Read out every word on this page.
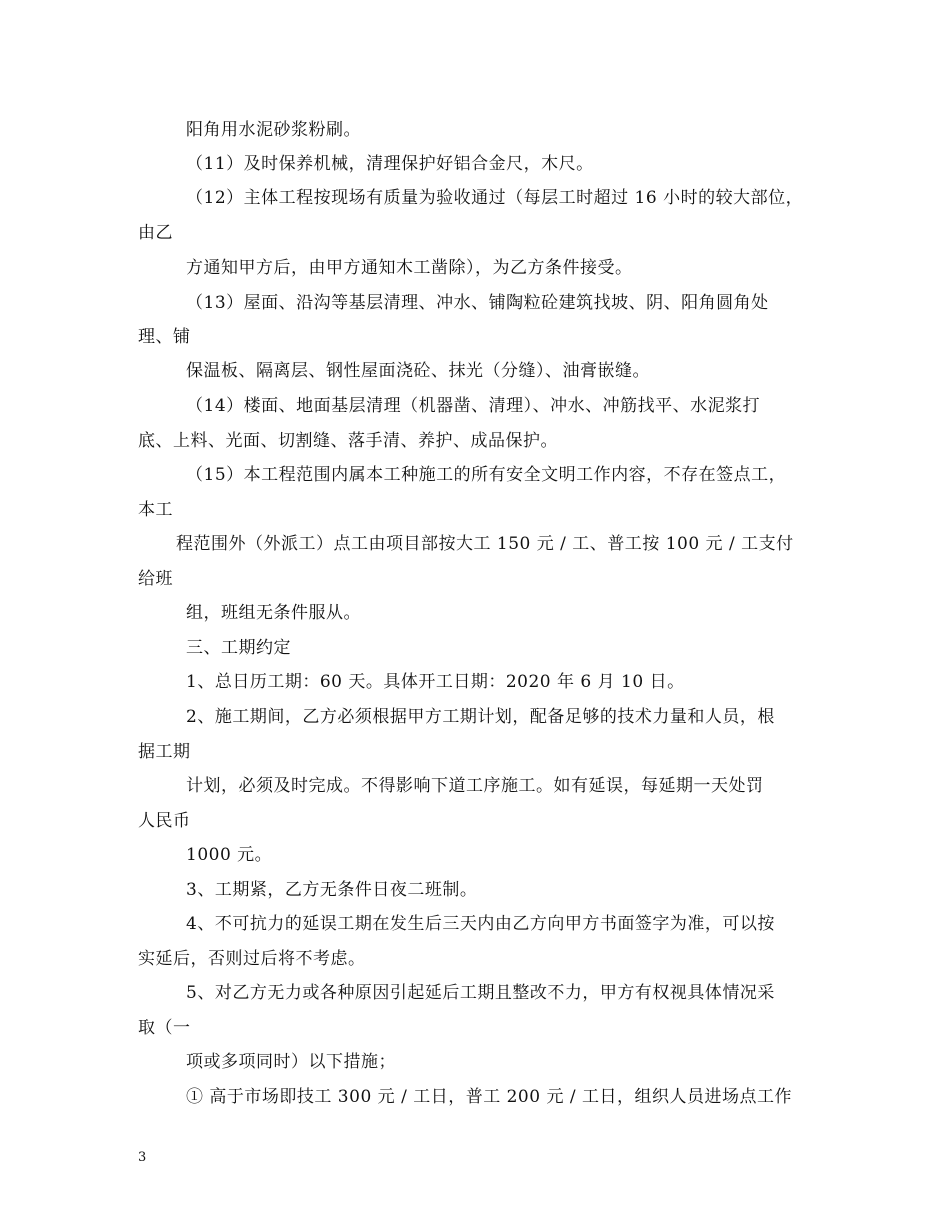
阳角用水泥砂浆粉刷。
（11）及时保养机械，清理保护好铝合金尺，木尺。
（12）主体工程按现场有质量为验收通过（每层工时超过 16 小时的较大部位，
由乙
方通知甲方后，由甲方通知木工凿除），为乙方条件接受。
（13）屋面、沿沟等基层清理、冲水、铺陶粒砼建筑找坡、阴、阳角圆角处
理、铺
保温板、隔离层、钢性屋面浇砼、抹光（分缝）、油膏嵌缝。
（14）楼面、地面基层清理（机器凿、清理）、冲水、冲筋找平、水泥浆打
底、上料、光面、切割缝、落手清、养护、成品保护。
（15）本工程范围内属本工种施工的所有安全文明工作内容，不存在签点工，
本工
程范围外（外派工）点工由项目部按大工 150 元 / 工、普工按 100 元 / 工支付
给班
组，班组无条件服从。
三、工期约定
1、总日历工期：60 天。具体开工日期：2020 年 6 月 10 日。
2、施工期间，乙方必须根据甲方工期计划，配备足够的技术力量和人员，根
据工期
计划，必须及时完成。不得影响下道工序施工。如有延误，每延期一天处罚
人民币
1000 元。
3、工期紧，乙方无条件日夜二班制。
4、不可抗力的延误工期在发生后三天内由乙方向甲方书面签字为准，可以按
实延后，否则过后将不考虑。
5、对乙方无力或各种原因引起延后工期且整改不力，甲方有权视具体情况采
取（一
项或多项同时）以下措施；
① 高于市场即技工 300 元 / 工日，普工 200 元 / 工日，组织人员进场点工作
3
